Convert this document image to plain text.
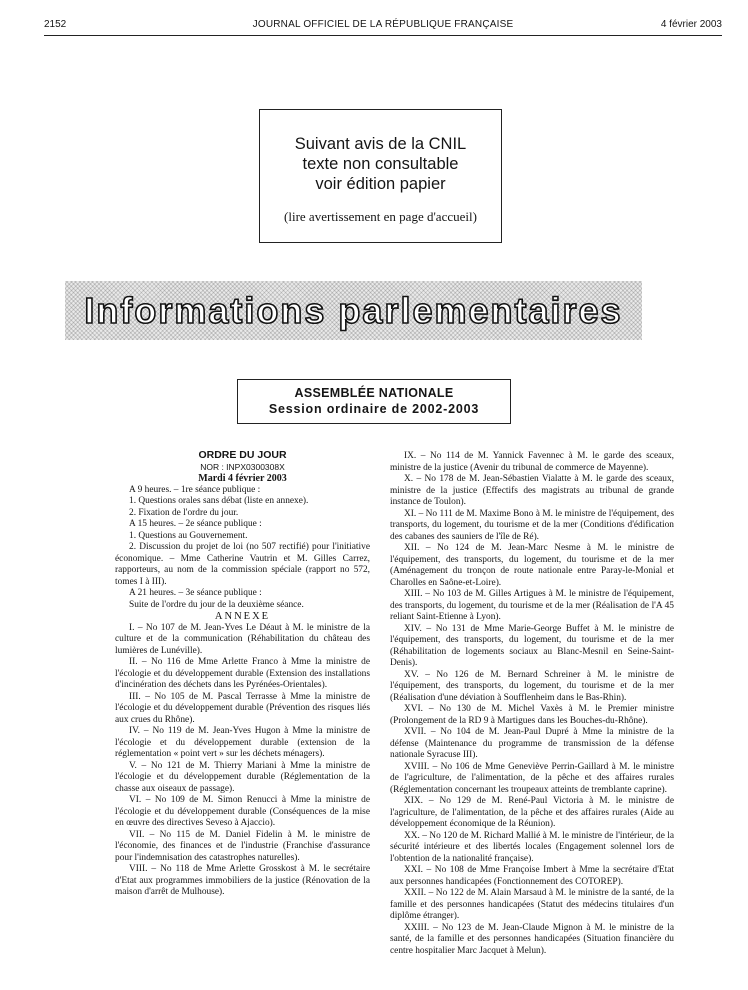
2152	JOURNAL OFFICIEL DE LA RÉPUBLIQUE FRANÇAISE	4 février 2003
Suivant avis de la CNIL
texte non consultable
voir édition papier
(lire avertissement en page d'accueil)
Informations parlementaires
ASSEMBLÉE NATIONALE
Session ordinaire de 2002-2003

ORDRE DU JOUR

NOR : INPX0300308X

Mardi 4 février 2003

A 9 heures. – 1re séance publique :

1. Questions orales sans débat (liste en annexe).

2. Fixation de l'ordre du jour.

A 15 heures. – 2e séance publique :

1. Questions au Gouvernement.

2. Discussion du projet de loi (no 507 rectifié) pour l'initiative économique. – Mme Catherine Vautrin et M. Gilles Carrez, rapporteurs, au nom de la commission spéciale (rapport no 572, tomes I à III).

A 21 heures. – 3e séance publique :

Suite de l'ordre du jour de la deuxième séance.

ANNEXE

I. – No 107 de M. Jean-Yves Le Déaut à M. le ministre de la culture et de la communication (Réhabilitation du château des lumières de Lunéville).

II. – No 116 de Mme Arlette Franco à Mme la ministre de l'écologie et du développement durable (Extension des installations d'incinération des déchets dans les Pyrénées-Orientales).

III. – No 105 de M. Pascal Terrasse à Mme la ministre de l'écologie et du développement durable (Prévention des risques liés aux crues du Rhône).

IV. – No 119 de M. Jean-Yves Hugon à Mme la ministre de l'écologie et du développement durable (extension de la réglementation « point vert » sur les déchets ménagers).

V. – No 121 de M. Thierry Mariani à Mme la ministre de l'écologie et du développement durable (Réglementation de la chasse aux oiseaux de passage).

VI. – No 109 de M. Simon Renucci à Mme la ministre de l'écologie et du développement durable (Conséquences de la mise en œuvre des directives Seveso à Ajaccio).

VII. – No 115 de M. Daniel Fidelin à M. le ministre de l'économie, des finances et de l'industrie (Franchise d'assurance pour l'indemnisation des catastrophes naturelles).

VIII. – No 118 de Mme Arlette Grosskost à M. le secrétaire d'Etat aux programmes immobiliers de la justice (Rénovation de la maison d'arrêt de Mulhouse).

IX. – No 114 de M. Yannick Favennec à M. le garde des sceaux, ministre de la justice (Avenir du tribunal de commerce de Mayenne).

X. – No 178 de M. Jean-Sébastien Vialatte à M. le garde des sceaux, ministre de la justice (Effectifs des magistrats au tribunal de grande instance de Toulon).

XI. – No 111 de M. Maxime Bono à M. le ministre de l'équipement, des transports, du logement, du tourisme et de la mer (Conditions d'édification des cabanes des sauniers de l'île de Ré).

XII. – No 124 de M. Jean-Marc Nesme à M. le ministre de l'équipement, des transports, du logement, du tourisme et de la mer (Aménagement du tronçon de route nationale entre Paray-le-Monial et Charolles en Saône-et-Loire).

XIII. – No 103 de M. Gilles Artigues à M. le ministre de l'équipement, des transports, du logement, du tourisme et de la mer (Réalisation de l'A 45 reliant Saint-Etienne à Lyon).

XIV. – No 131 de Mme Marie-George Buffet à M. le ministre de l'équipement, des transports, du logement, du tourisme et de la mer (Réhabilitation de logements sociaux au Blanc-Mesnil en Seine-Saint-Denis).

XV. – No 126 de M. Bernard Schreiner à M. le ministre de l'équipement, des transports, du logement, du tourisme et de la mer (Réalisation d'une déviation à Soufflenheim dans le Bas-Rhin).

XVI. – No 130 de M. Michel Vaxès à M. le Premier ministre (Prolongement de la RD 9 à Martigues dans les Bouches-du-Rhône).

XVII. – No 104 de M. Jean-Paul Dupré à Mme la ministre de la défense (Maintenance du programme de transmission de la défense nationale Syracuse III).

XVIII. – No 106 de Mme Geneviève Perrin-Gaillard à M. le ministre de l'agriculture, de l'alimentation, de la pêche et des affaires rurales (Réglementation concernant les troupeaux atteints de tremblante caprine).

XIX. – No 129 de M. René-Paul Victoria à M. le ministre de l'agriculture, de l'alimentation, de la pêche et des affaires rurales (Aide au développement économique de la Réunion).

XX. – No 120 de M. Richard Mallié à M. le ministre de l'intérieur, de la sécurité intérieure et des libertés locales (Engagement solennel lors de l'obtention de la nationalité française).

XXI. – No 108 de Mme Françoise Imbert à Mme la secrétaire d'Etat aux personnes handicapées (Fonctionnement des COTOREP).

XXII. – No 122 de M. Alain Marsaud à M. le ministre de la santé, de la famille et des personnes handicapées (Statut des médecins titulaires d'un diplôme étranger).

XXIII. – No 123 de M. Jean-Claude Mignon à M. le ministre de la santé, de la famille et des personnes handicapées (Situation financière du centre hospitalier Marc Jacquet à Melun).
